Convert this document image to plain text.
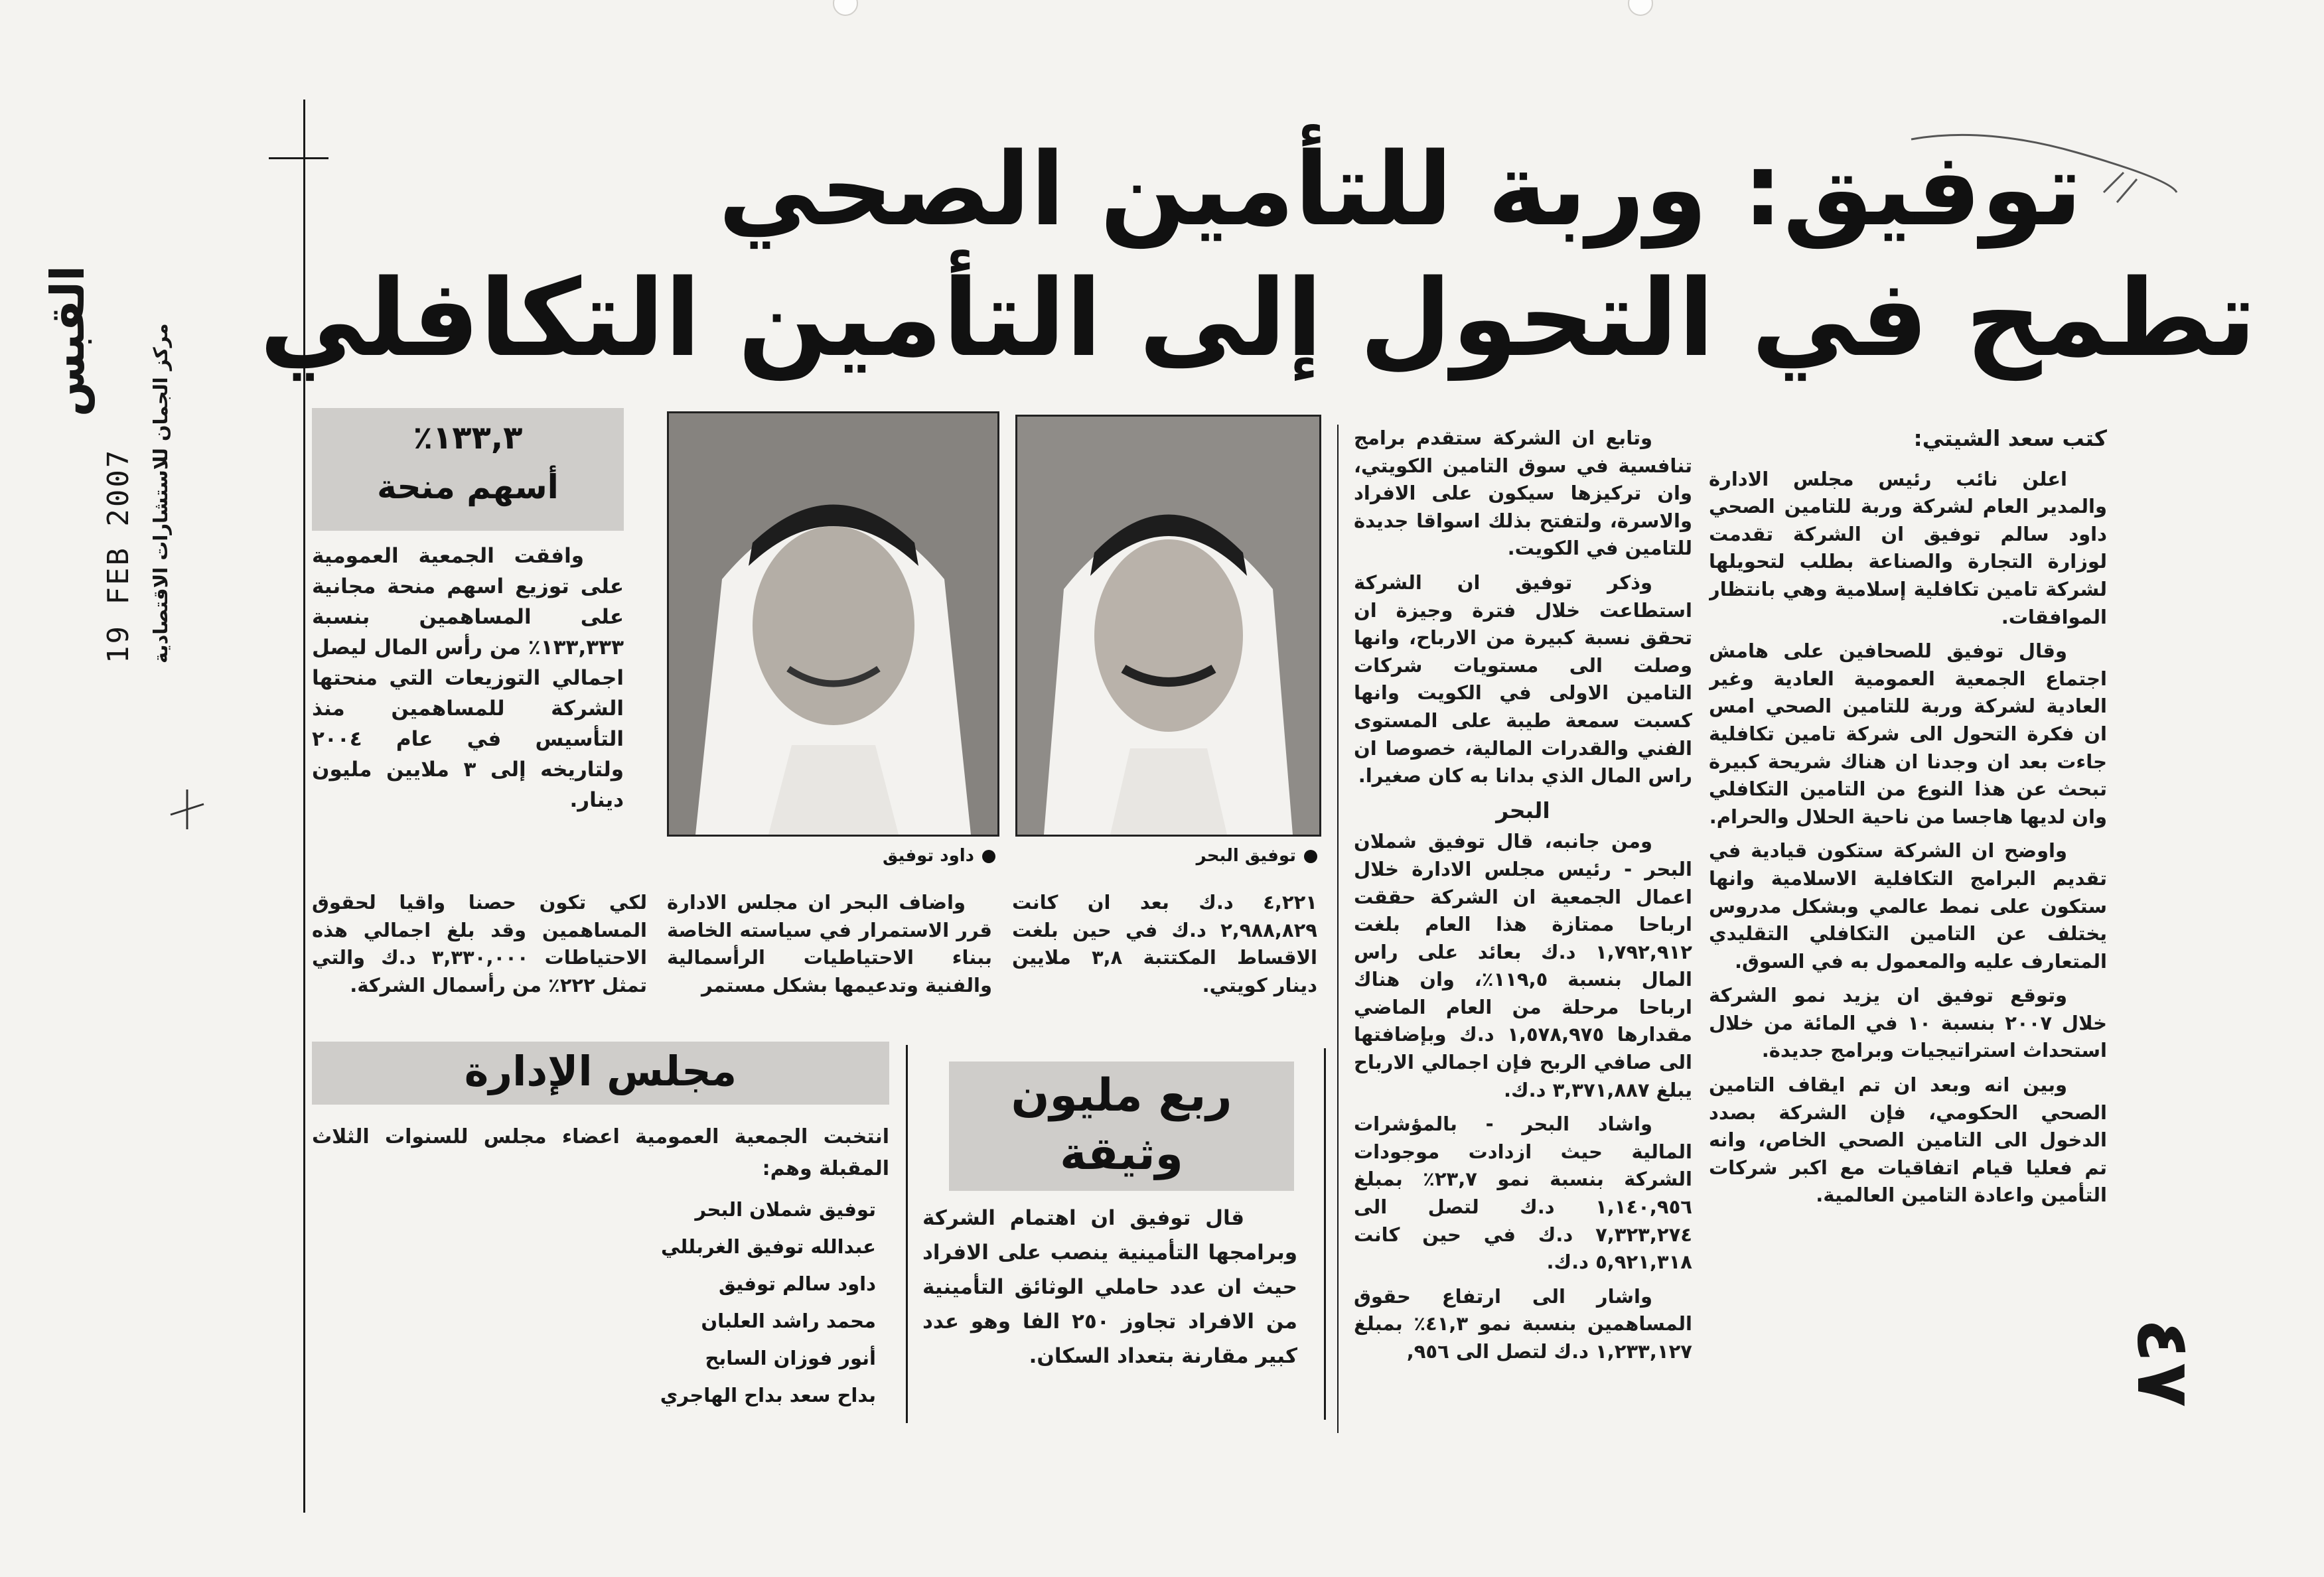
القبس
19 FEB 2007 مركز الجمان للاستشارات الاقتصادية
توفيق: وربة للتأمين الصحي
تطمح في التحول إلى التأمين التكافلي
كتب سعد الشيتي:

اعلن نائب رئيس مجلس الادارة والمدير العام لشركة وربة للتامين الصحي داود سالم توفيق ان الشركة تقدمت لوزارة التجارة والصناعة بطلب لتحويلها لشركة تامين تكافلية إسلامية وهي بانتظار الموافقات.

وقال توفيق للصحافين على هامش اجتماع الجمعية العمومية العادية وغير العادية لشركة وربة للتامين الصحي امس ان فكرة التحول الى شركة تامين تكافلية جاءت بعد ان وجدنا ان هناك شريحة كبيرة تبحث عن هذا النوع من التامين التكافلي وان لديها هاجسا من ناحية الحلال والحرام.

واوضح ان الشركة ستكون قيادية في تقديم البرامج التكافلية الاسلامية وانها ستكون على نمط عالمي وبشكل مدروس يختلف عن التامين التكافلي التقليدي المتعارف عليه والمعمول به في السوق.

وتوقع توفيق ان يزيد نمو الشركة خلال ٢٠٠٧ بنسبة ١٠ في المائة من خلال استحداث استراتيجيات وبرامج جديدة.

وبين انه وبعد ان تم ايقاف التامين الصحي الحكومي، فإن الشركة بصدد الدخول الى التامين الصحي الخاص، وانه تم فعليا قيام اتفاقيات مع اكبر شركات التأمين واعادة التامين العالمية.

٤٧

وتابع ان الشركة ستقدم برامج تنافسية في سوق التامين الكويتي، وان تركيزها سيكون على الافراد والاسرة، ولتفتح بذلك اسواقا جديدة للتامين في الكويت.

وذكر توفيق ان الشركة استطاعت خلال فترة وجيزة ان تحقق نسبة كبيرة من الارباح، وانها وصلت الى مستويات شركات التامين الاولى في الكويت وانها كسبت سمعة طيبة على المستوى الفني والقدرات المالية، خصوصا ان راس المال الذي بدانا به كان صغيرا.

البحر

ومن جانبه، قال توفيق شملان البحر - رئيس مجلس الادارة خلال اعمال الجمعية ان الشركة حققت ارباحا ممتازة هذا العام بلغت ١,٧٩٢,٩١٢ د.ك بعائد على راس المال بنسبة ١١٩,٥٪، وان هناك ارباحا مرحلة من العام الماضي مقدارها ١,٥٧٨,٩٧٥ د.ك وبإضافتها الى صافي الربح فإن اجمالي الارباح يبلغ ٣,٣٧١,٨٨٧ د.ك.

واشاد البحر - بالمؤشرات المالية حيث ازدادت موجودات الشركة بنسبة نمو ٢٣,٧٪ بمبلغ ١,١٤٠,٩٥٦ د.ك لتصل الى ٧,٣٢٣,٢٧٤ د.ك في حين كانت ٥,٩٢١,٣١٨ د.ك.

واشار الى ارتفاع حقوق المساهمين بنسبة نمو ٤١,٣٪ بمبلغ ١,٢٣٣,١٢٧ د.ك لتصل الى ٩٥٦,

توفيق البحر
داود توفيق

٤,٢٢١ د.ك بعد ان كانت ٢,٩٨٨,٨٢٩ د.ك في حين بلغت الاقساط المكتتبة ٣,٨ ملايين دينار كويتي.

واضاف البحر ان مجلس الادارة قرر الاستمرار في سياسته الخاصة ببناء الاحتياطيات الرأسمالية والفنية وتدعيمها بشكل مستمر

لكي تكون حصنا واقيا لحقوق المساهمين وقد بلغ اجمالي هذه الاحتياطات ٣,٣٣٠,٠٠٠ د.ك والتي تمثل ٢٢٢٪ من رأسمال الشركة.

١٣٣,٣٪
أسهم منحة

وافقت الجمعية العمومية على توزيع اسهم منحة مجانية على المساهمين بنسبة ١٣٣,٣٣٣٪ من رأس المال ليصل اجمالي التوزيعات التي منحتها الشركة للمساهمين منذ التأسيس في عام ٢٠٠٤ ولتاريخه إلى ٣ ملايين مليون دينار.

ربع مليون
وثيقة

قال توفيق ان اهتمام الشركة وبرامجها التأمينية ينصب على الافراد حيث ان عدد حاملي الوثائق التأمينية من الافراد تجاوز ٢٥٠ الفا وهو عدد كبير مقارنة بتعداد السكان.

مجلس الإدارة

انتخبت الجمعية العمومية اعضاء مجلس للسنوات الثلاث المقبلة وهم:

توفيق شملان البحر
عبدالله توفيق الغربللي
داود سالم توفيق
محمد راشد العلبان
أنور فوزان السابح
بداح سعد بداح الهاجري
